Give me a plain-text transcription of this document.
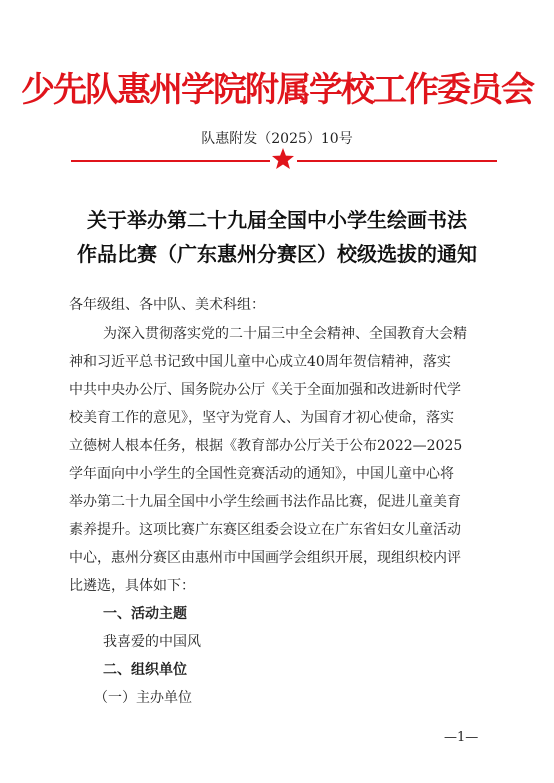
少先队惠州学院附属学校工作委员会
队惠附发（2025）10号
关于举办第二十九届全国中小学生绘画书法
作品比赛（广东惠州分赛区）校级选拔的通知
各年级组、各中队、美术科组：
为深入贯彻落实党的二十届三中全会精神、全国教育大会精
神和习近平总书记致中国儿童中心成立40周年贺信精神，落实
中共中央办公厅、国务院办公厅《关于全面加强和改进新时代学
校美育工作的意见》，坚守为党育人、为国育才初心使命，落实
立德树人根本任务，根据《教育部办公厅关于公布2022—2025
学年面向中小学生的全国性竞赛活动的通知》，中国儿童中心将
举办第二十九届全国中小学生绘画书法作品比赛，促进儿童美育
素养提升。这项比赛广东赛区组委会设立在广东省妇女儿童活动
中心，惠州分赛区由惠州市中国画学会组织开展，现组织校内评
比遴选，具体如下：
一、活动主题
我喜爱的中国风
二、组织单位
（一）主办单位
—1—
